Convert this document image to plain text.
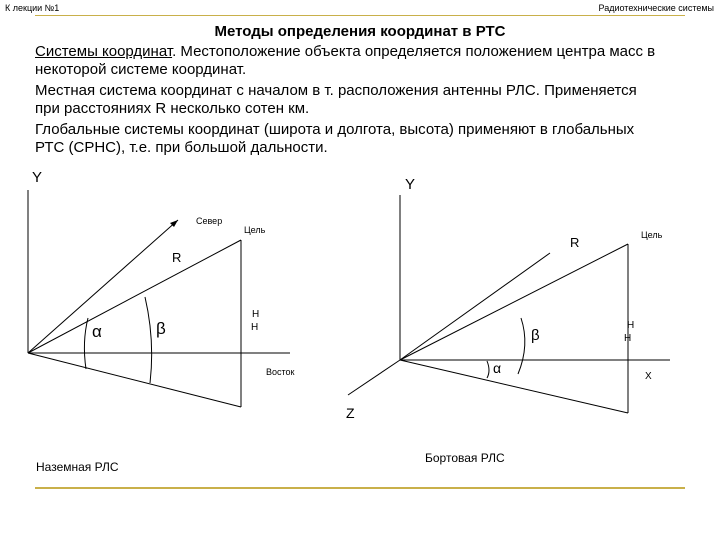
К лекции №1	Радиотехнические системы
Методы определения координат в РТС
Системы координат. Местоположение объекта определяется положением центра масс в
некоторой системе координат.
Местная система координат с началом в т. расположения антенны РЛС. Применяется
при расстояниях R несколько сотен км.
Глобальные системы координат (широта и долгота, высота) применяют в глобальных
РТС (СРНС), т.е. при большой дальности.
Y
Север
Цель
R
α	β
Н
Н
Восток
Наземная РЛС
Y
R	Цель
β
α
Н
Н
X
Z
Бортовая РЛС
